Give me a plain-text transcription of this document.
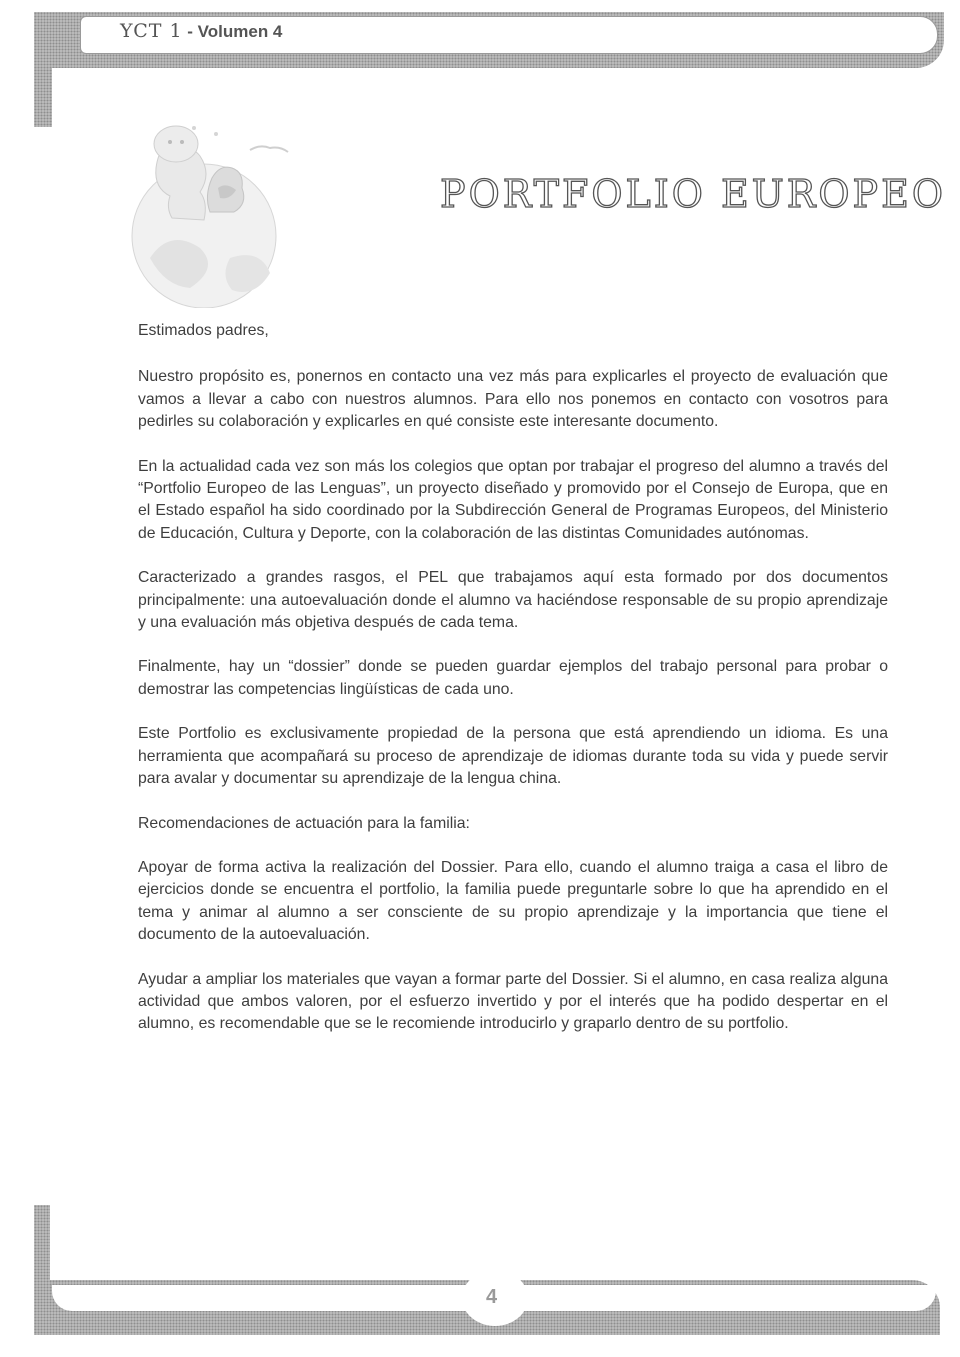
YCT 1 - Volumen 4
PORTFOLIO EUROPEO

Estimados padres,

Nuestro propósito es, ponernos en contacto una vez más para explicarles el proyecto de evaluación que vamos a llevar a cabo con nuestros alumnos. Para ello nos ponemos en contacto con vosotros para pedirles su colaboración y explicarles en qué consiste este interesante documento.

En la actualidad cada vez son más los colegios que optan por trabajar el progreso del alumno a través del “Portfolio Europeo de las Lenguas”, un proyecto diseñado y promovido por el Consejo de Europa, que en el Estado español ha sido coordinado por la Subdirección General de Programas Europeos, del Ministerio de Educación, Cultura y Deporte, con la colaboración de las distintas Comunidades autónomas.

Caracterizado a grandes rasgos, el PEL que trabajamos aquí esta formado por dos documentos principalmente: una autoevaluación donde el alumno va haciéndose responsable de su propio aprendizaje y una evaluación más objetiva después de cada tema.

Finalmente, hay un “dossier” donde se pueden guardar ejemplos del trabajo personal para probar o demostrar las competencias lingüísticas de cada uno.

Este Portfolio es exclusivamente propiedad de la persona que está aprendiendo un idioma. Es una herramienta que acompañará su proceso de aprendizaje de idiomas durante toda su vida y puede servir para avalar y documentar su aprendizaje de la lengua china.

Recomendaciones de actuación para la familia:

Apoyar de forma activa la realización del Dossier. Para ello, cuando el alumno traiga a casa el libro de ejercicios donde se encuentra el portfolio, la familia puede preguntarle sobre lo que ha aprendido en el tema y animar al alumno a ser consciente de su propio aprendizaje y la importancia que tiene el documento de la autoevaluación.

Ayudar a ampliar los materiales que vayan a formar parte del Dossier. Si el alumno, en casa realiza alguna actividad que ambos valoren, por el esfuerzo invertido y por el interés que ha podido despertar en el alumno, es recomendable que se le recomiende introducirlo y graparlo dentro de su portfolio.

4
